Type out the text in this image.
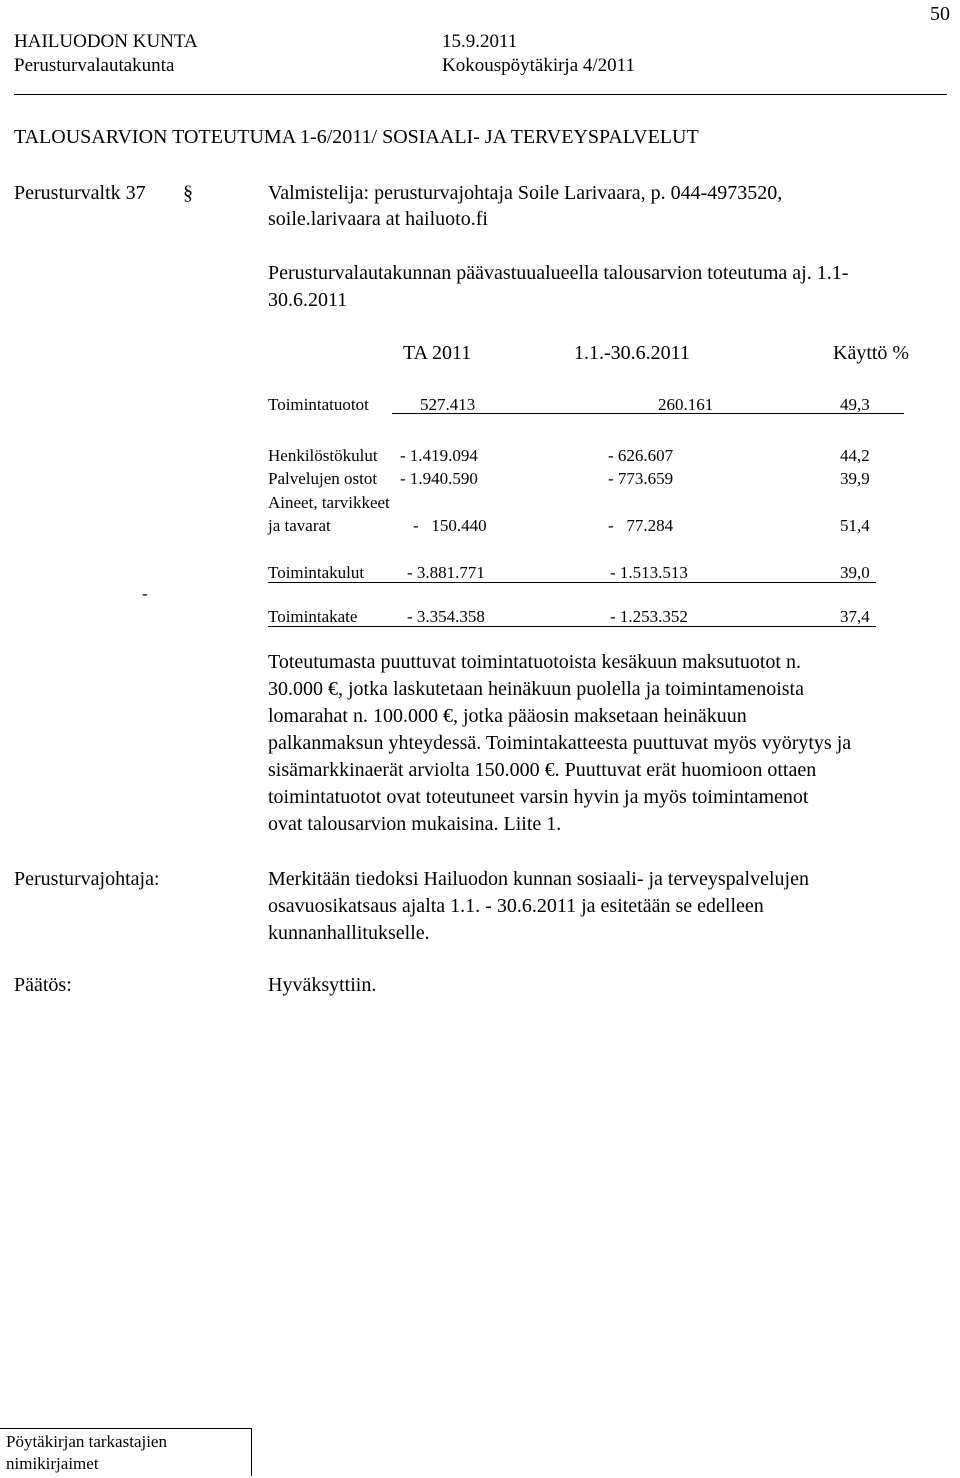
50
HAILUODON KUNTA	15.9.2011
Perusturvalautakunta	Kokouspöytäkirja 4/2011
TALOUSARVION TOTEUTUMA 1-6/2011/ SOSIAALI- JA TERVEYSPALVELUT
Perusturvaltk 37 §	Valmistelija: perusturvajohtaja Soile Larivaara, p. 044-4973520,
soile.larivaara at hailuoto.fi
Perusturvalautakunnan päävastuualueella talousarvion toteutuma aj. 1.1-
30.6.2011
TA 2011	1.1.-30.6.2011	Käyttö %
Toimintatuotot	527.413	260.161	49,3
Henkilöstökulut - 1.419.094	- 626.607	44,2
Palvelujen ostot - 1.940.590	- 773.659	39,9
Aineet, tarvikkeet
ja tavarat	-   150.440	-   77.284	51,4
-
Toimintakulut	- 3.881.771	- 1.513.513	39,0
Toimintakate	- 3.354.358	- 1.253.352	37,4
Toteutumasta puuttuvat toimintatuotoista kesäkuun maksutuotot n.
30.000 €, jotka laskutetaan heinäkuun puolella ja toimintamenoista
lomarahat n. 100.000 €, jotka pääosin maksetaan heinäkuun
palkanmaksun yhteydessä. Toimintakatteesta puuttuvat myös vyörytys ja
sisämarkkinaerät arviolta 150.000 €. Puuttuvat erät huomioon ottaen
toimintatuotot ovat toteutuneet varsin hyvin ja myös toimintamenot
ovat talousarvion mukaisina. Liite 1.
Perusturvajohtaja:	Merkitään tiedoksi Hailuodon kunnan sosiaali- ja terveyspalvelujen
osavuosikatsaus ajalta 1.1. - 30.6.2011 ja esitetään se edelleen
kunnanhallitukselle.
Päätös:	Hyväksyttiin.
Pöytäkirjan tarkastajien
nimikirjaimet
